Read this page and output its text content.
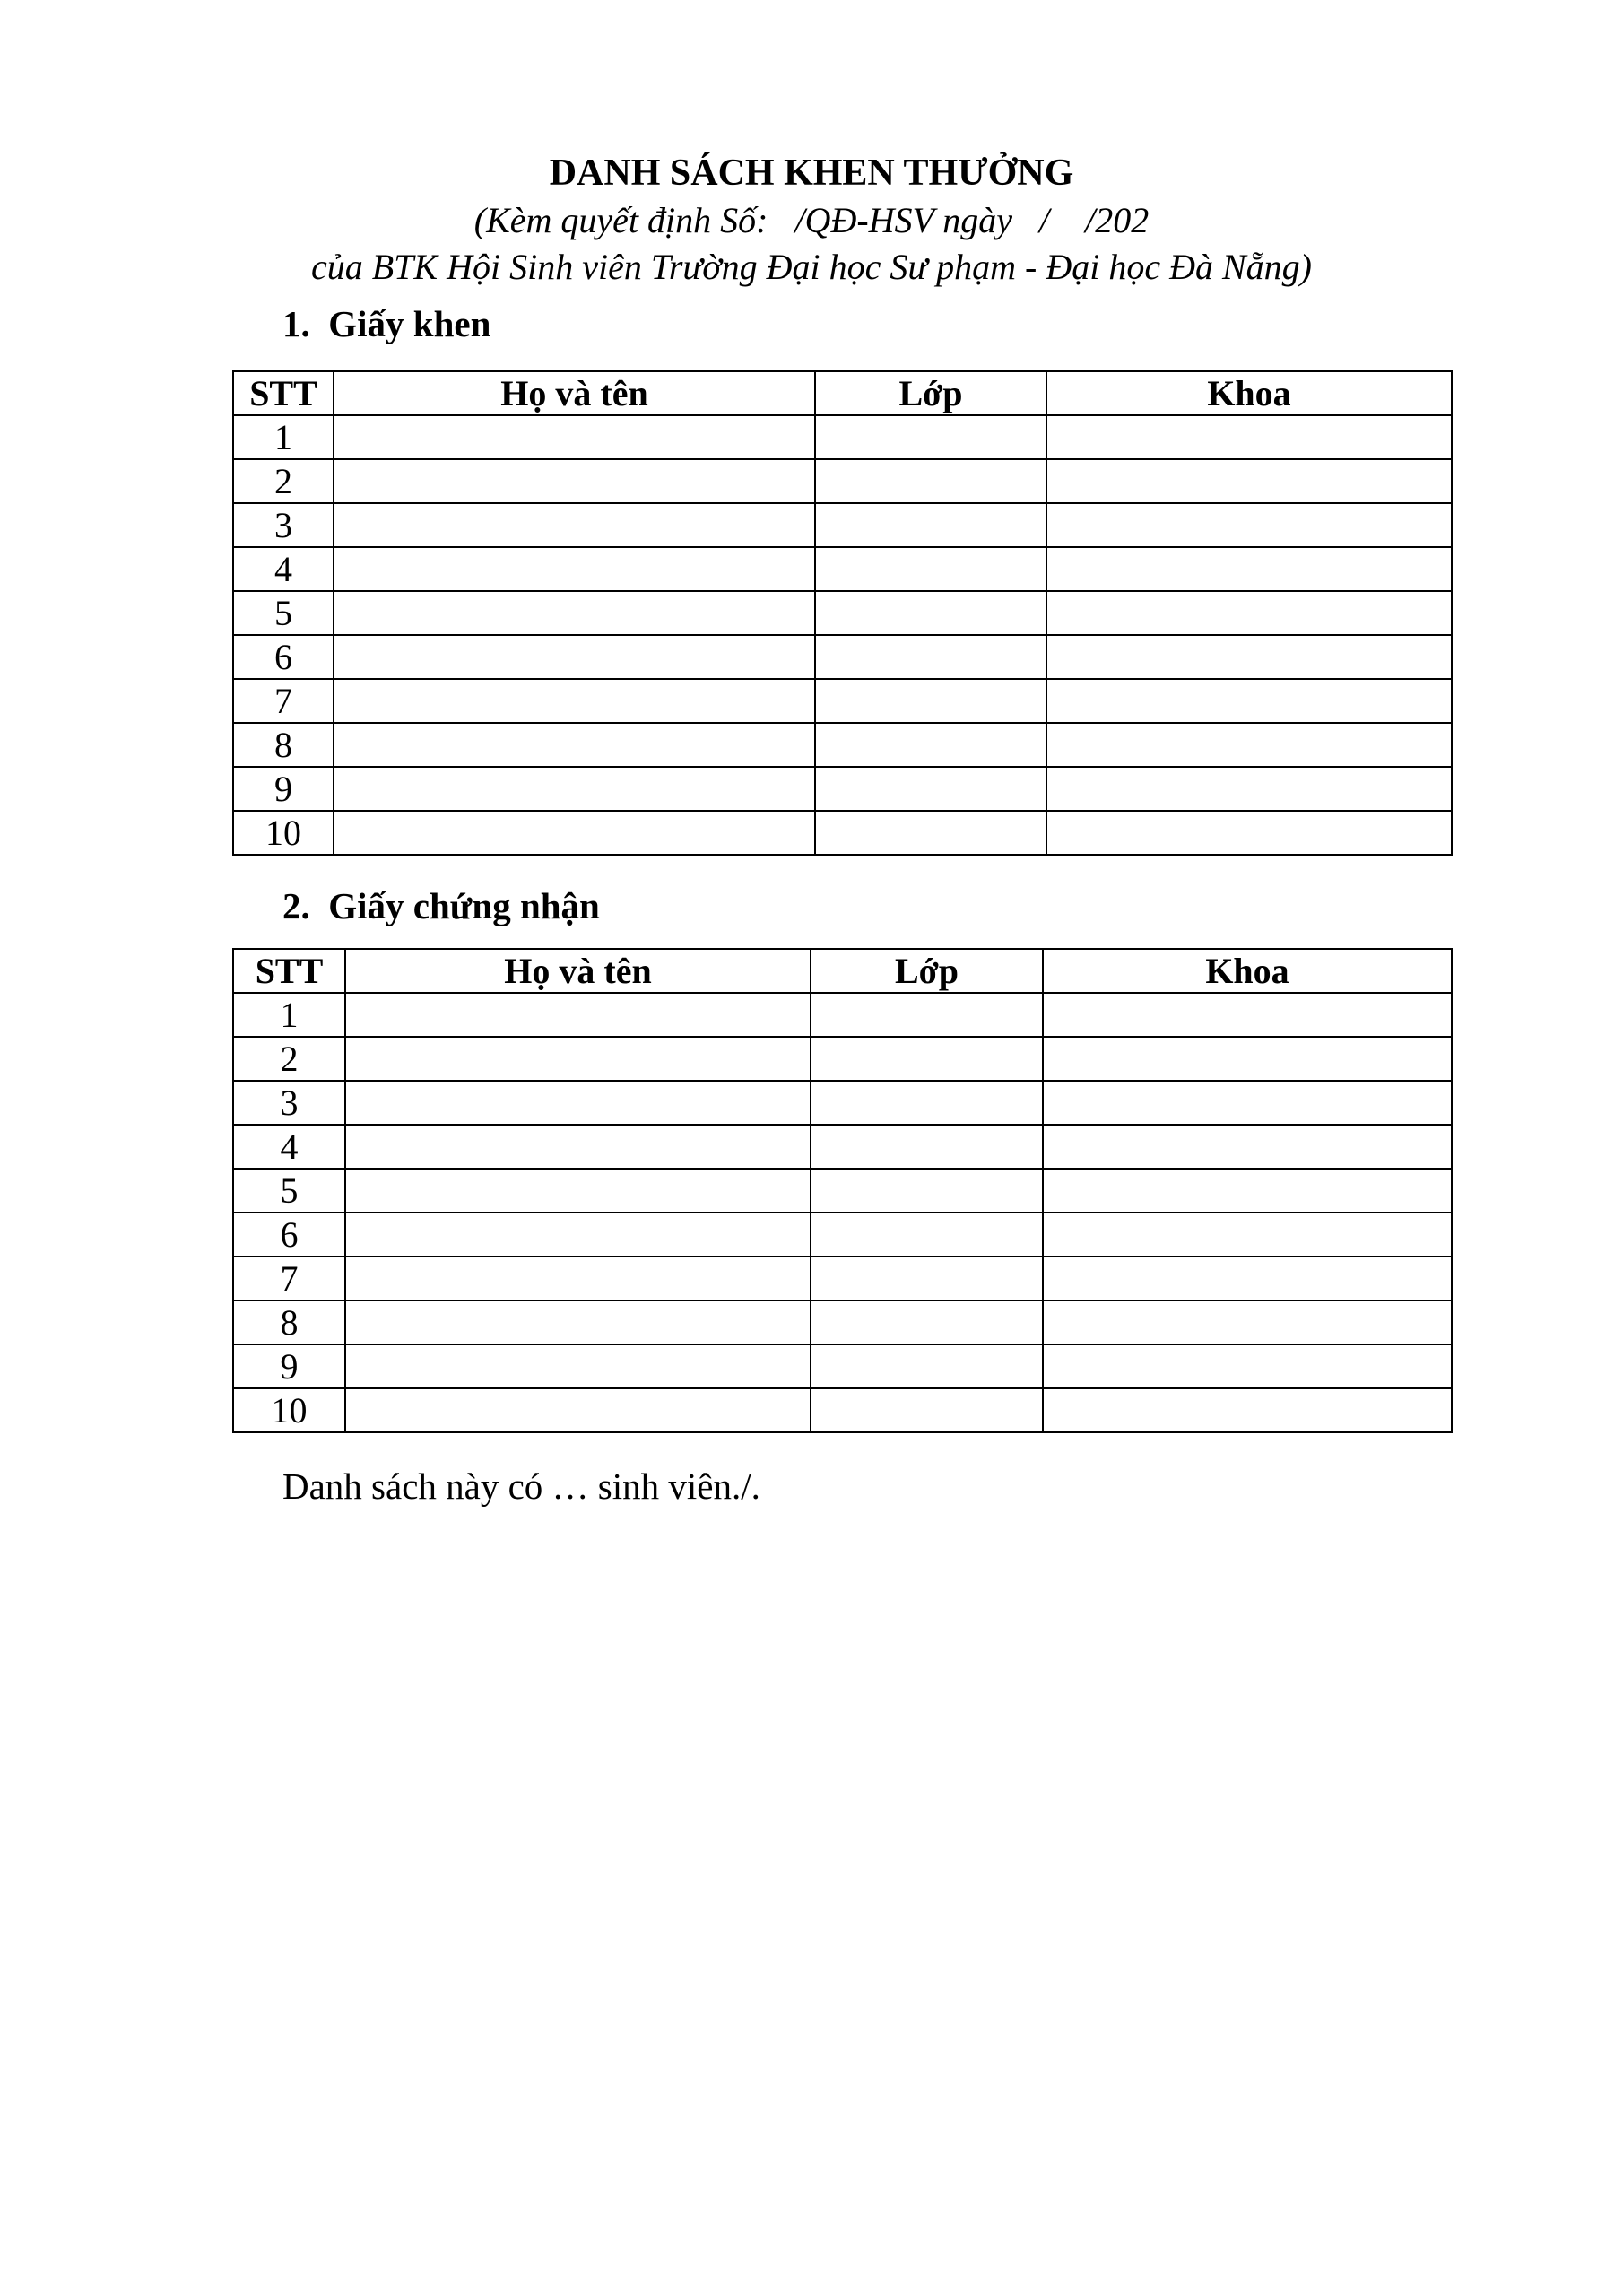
DANH SÁCH KHEN THƯỞNG
(Kèm quyết định Số:   /QĐ-HSV ngày   /    /202
của BTK Hội Sinh viên Trường Đại học Sư phạm - Đại học Đà Nẵng)
1.  Giấy khen
STT	Họ và tên	Lớp	Khoa
1			
2			
3			
4			
5			
6			
7			
8			
9			
10			
2.  Giấy chứng nhận
STT	Họ và tên	Lớp	Khoa
1			
2			
3			
4			
5			
6			
7			
8			
9			
10			
Danh sách này có … sinh viên./.
